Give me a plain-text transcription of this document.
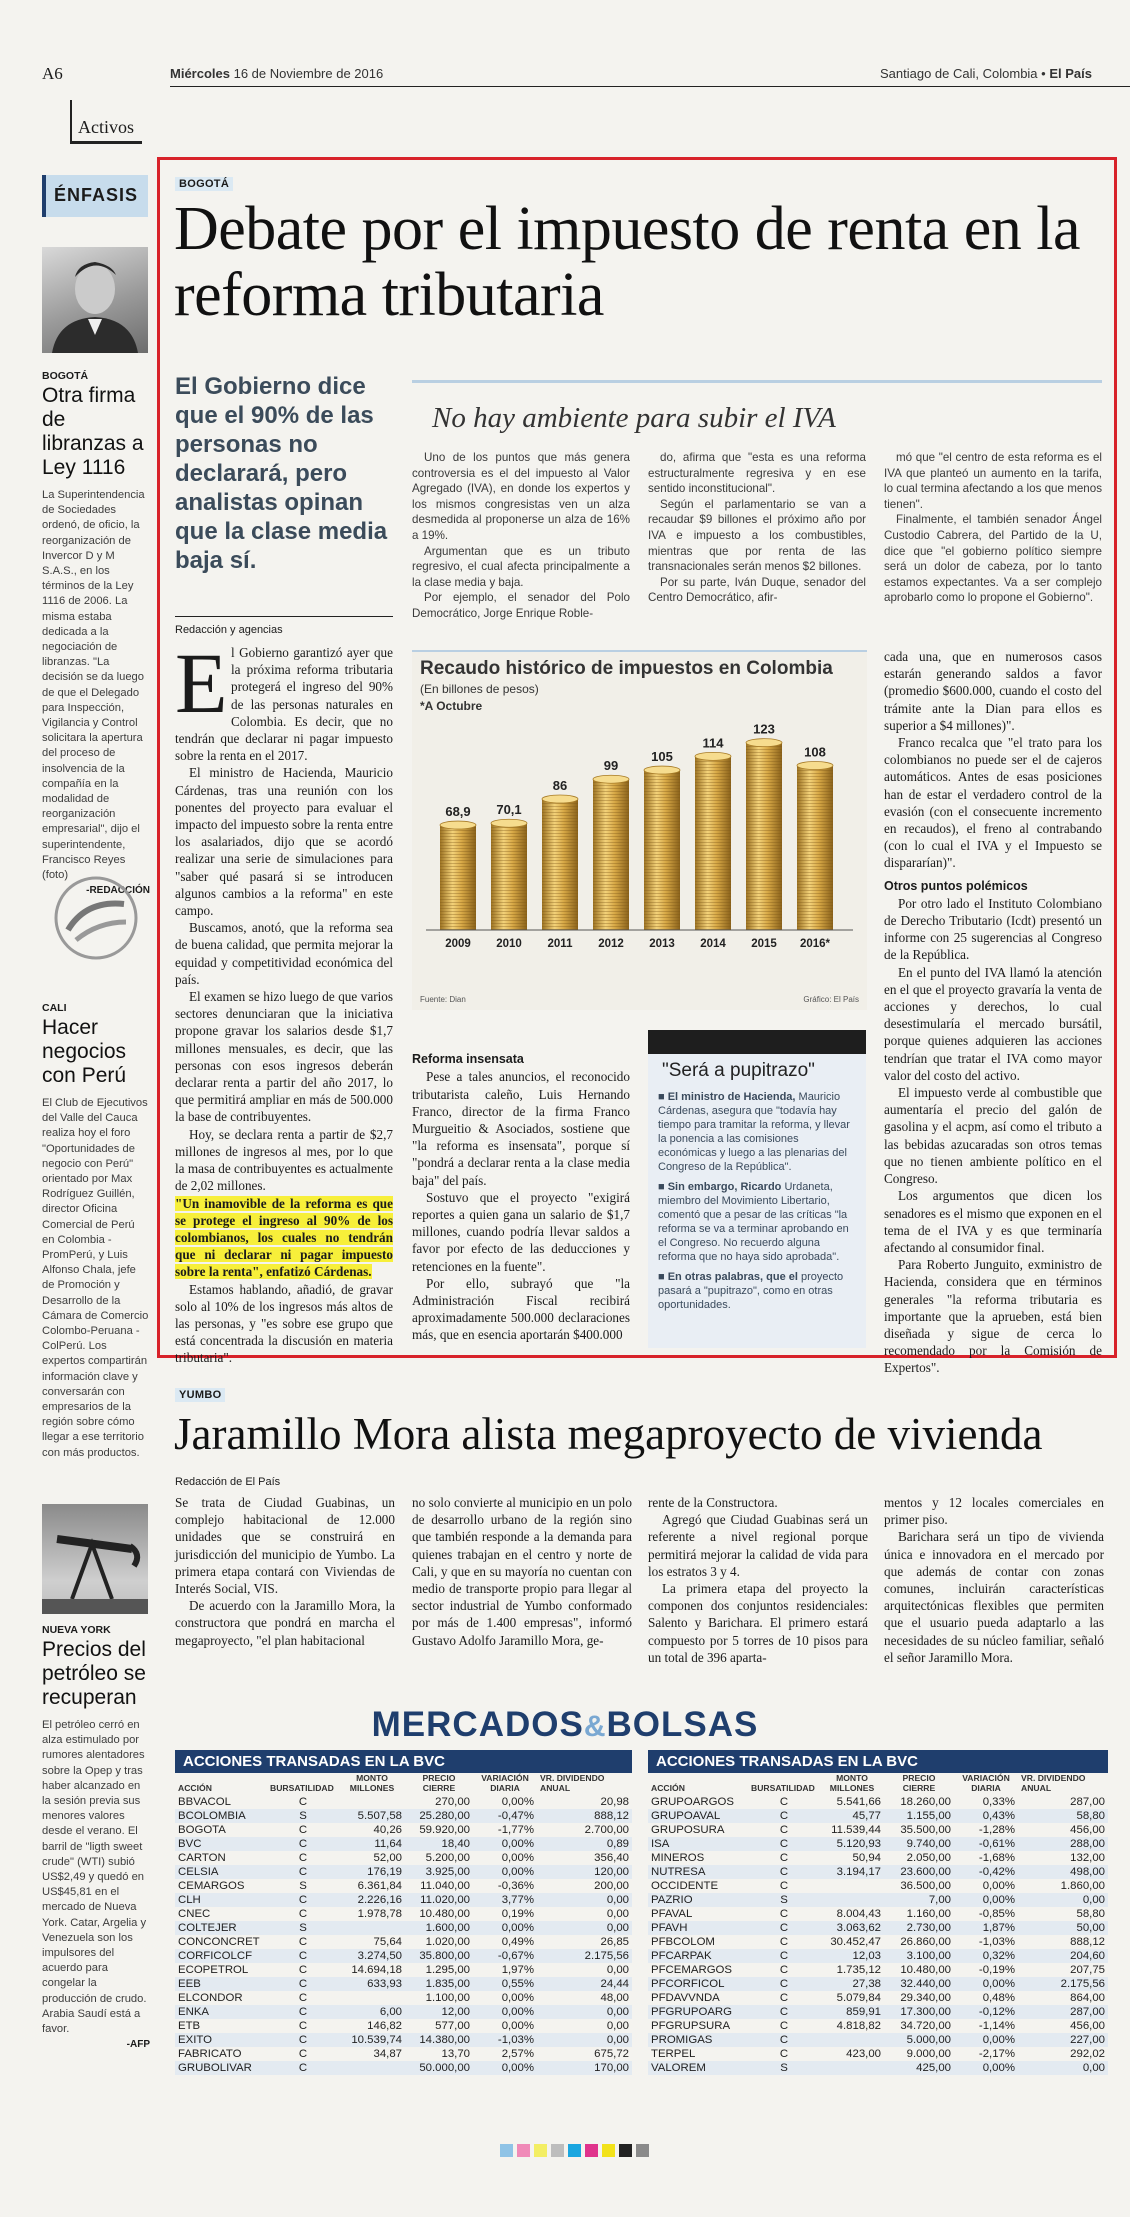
A6	Miércoles 16 de Noviembre de 2016	Santiago de Cali, Colombia • El País
Activos
ÉNFASIS
BOGOTÁ
Otra firma de libranzas a Ley 1116
La Superintendencia de Sociedades ordenó, de oficio, la reorganización de Invercor D y M S.A.S., en los términos de la Ley 1116 de 2006. La misma estaba dedicada a la negociación de libranzas. "La decisión se da luego de que el Delegado para Inspección, Vigilancia y Control solicitara la apertura del proceso de insolvencia de la compañía en la modalidad de reorganización empresarial", dijo el superintendente, Francisco Reyes (foto)
-REDACCIÓN
CALI
Hacer negocios con Perú
El Club de Ejecutivos del Valle del Cauca realiza hoy el foro "Oportunidades de negocio con Perú" orientado por Max Rodríguez Guillén, director Oficina Comercial de Perú en Colombia - PromPerú, y Luis Alfonso Chala, jefe de Promoción y Desarrollo de la Cámara de Comercio Colombo-Peruana - ColPerú. Los expertos compartirán información clave y conversarán con empresarios de la región sobre cómo llegar a ese territorio con más productos.
NUEVA YORK
Precios del petróleo se recuperan
El petróleo cerró en alza estimulado por rumores alentadores sobre la Opep y tras haber alcanzado en la sesión previa sus menores valores desde el verano. El barril de "ligth sweet crude" (WTI) subió US$2,49 y quedó en US$45,81 en el mercado de Nueva York. Catar, Argelia y Venezuela son los impulsores del acuerdo para congelar la producción de crudo. Arabia Saudí está a favor.
-AFP
BOGOTÁ
Debate por el impuesto de renta en la reforma tributaria
El Gobierno dice que el 90% de las personas no declarará, pero analistas opinan que la clase media baja sí.
Redacción y agencias
E l Gobierno garantizó ayer que la próxima reforma tributaria protegerá el ingreso del 90% de las personas naturales en Colombia. Es decir, que no tendrán que declarar ni pagar impuesto sobre la renta en el 2017.

El ministro de Hacienda, Mauricio Cárdenas, tras una reunión con los ponentes del proyecto para evaluar el impacto del impuesto sobre la renta entre los asalariados, dijo que se acordó realizar una serie de simulaciones para "saber qué pasará si se introducen algunos cambios a la reforma" en este campo.

Buscamos, anotó, que la reforma sea de buena calidad, que permita mejorar la equidad y competitividad económica del país.

El examen se hizo luego de que varios sectores denunciaran que la iniciativa propone gravar los salarios desde $1,7 millones mensuales, es decir, que las personas con esos ingresos deberán declarar renta a partir del año 2017, lo que permitirá ampliar en más de 500.000 la base de contribuyentes.

Hoy, se declara renta a partir de $2,7 millones de ingresos al mes, por lo que la masa de contribuyentes es actualmente de 2,02 millones.

"Un inamovible de la reforma es que se protege el ingreso al 90% de los colombianos, los cuales no tendrán que ni declarar ni pagar impuesto sobre la renta", enfatizó Cárdenas.

Estamos hablando, añadió, de gravar solo al 10% de los ingresos más altos de las personas, y "es sobre ese grupo que está concentrada la discusión en materia tributaria".

No hay ambiente para subir el IVA

Uno de los puntos que más genera controversia es el del impuesto al Valor Agregado (IVA), en donde los expertos y los mismos congresistas ven un alza desmedida al proponerse un alza de 16% a 19%.

Argumentan que es un tributo regresivo, el cual afecta principalmente a la clase media y baja.

Por ejemplo, el senador del Polo Democrático, Jorge Enrique Roble-

do, afirma que "esta es una reforma estructuralmente regresiva y en ese sentido inconstitucional".

Según el parlamentario se van a recaudar $9 billones el próximo año por IVA e impuesto a los combustibles, mientras que por renta de las transnacionales serán menos $2 billones.

Por su parte, Iván Duque, senador del Centro Democrático, afir-

mó que "el centro de esta reforma es el IVA que planteó un aumento en la tarifa, lo cual termina afectando a los que menos tienen".

Finalmente, el también senador Ángel Custodio Cabrera, del Partido de la U, dice que "el gobierno político siempre será un dolor de cabeza, por lo tanto estamos expectantes. Va a ser complejo aprobarlo como lo propone el Gobierno".

Recaudo histórico de impuestos en Colombia
(En billones de pesos)
*A Octubre
68,9
2009
70,1
2010
86
2011
99
2012
105
2013
114
2014
123
2015
108
2016*
Fuente: Dian	Gráfico: El País

Reforma insensata

Pese a tales anuncios, el reconocido tributarista caleño, Luis Hernando Franco, director de la firma Franco Murgueitio & Asociados, sostiene que "la reforma es insensata", porque sí "pondrá a declarar renta a la clase media baja" del país.

Sostuvo que el proyecto "exigirá reportes a quien gana un salario de $1,7 millones, cuando podría llevar saldos a favor por efecto de las deducciones y retenciones en la fuente".

Por ello, subrayó que "la Administración Fiscal recibirá aproximadamente 500.000 declaraciones más, que en esencia aportarán $400.000

"Será a pupitrazo"

■ El ministro de Hacienda, Mauricio Cárdenas, asegura que "todavía hay tiempo para tramitar la reforma, y llevar la ponencia a las comisiones económicas y luego a las plenarias del Congreso de la República".

■ Sin embargo, Ricardo Urdaneta, miembro del Movimiento Libertario, comentó que a pesar de las críticas "la reforma se va a terminar aprobando en el Congreso. No recuerdo alguna reforma que no haya sido aprobada".

■ En otras palabras, que el proyecto pasará a "pupitrazo", como en otras oportunidades.

cada una, que en numerosos casos estarán generando saldos a favor (promedio $600.000, cuando el costo del trámite ante la Dian para ellos es superior a $4 millones)".

Franco recalca que "el trato para los colombianos no puede ser el de cajeros automáticos. Antes de esas posiciones han de estar el verdadero control de la evasión (con el consecuente incremento en recaudos), el freno al contrabando (con lo cual el IVA y el Impuesto se dispararían)".

Otros puntos polémicos

Por otro lado el Instituto Colombiano de Derecho Tributario (Icdt) presentó un informe con 25 sugerencias al Congreso de la República.

En el punto del IVA llamó la atención en el que el proyecto gravaría la venta de acciones y derechos, lo cual desestimularía el mercado bursátil, porque quienes adquieren las acciones tendrían que tratar el IVA como mayor valor del costo del activo.

El impuesto verde al combustible que aumentaría el precio del galón de gasolina y el acpm, así como el tributo a las bebidas azucaradas son otros temas que no tienen ambiente político en el Congreso.

Los argumentos que dicen los senadores es el mismo que exponen en el tema de el IVA y es que terminaría afectando al consumidor final.

Para Roberto Junguito, exministro de Hacienda, considera que en términos generales "la reforma tributaria es importante que la aprueben, está bien diseñada y sigue de cerca lo recomendado por la Comisión de Expertos".

YUMBO
Jaramillo Mora alista megaproyecto de vivienda
Redacción de El País

Se trata de Ciudad Guabinas, un complejo habitacional de 12.000 unidades que se construirá en jurisdicción del municipio de Yumbo. La primera etapa contará con Viviendas de Interés Social, VIS.

De acuerdo con la Jaramillo Mora, la constructora que pondrá en marcha el megaproyecto, "el plan habitacional

no solo convierte al municipio en un polo de desarrollo urbano de la región sino que también responde a la demanda para quienes trabajan en el centro y norte de Cali, y que en su mayoría no cuentan con medio de transporte propio para llegar al sector industrial de Yumbo conformado por más de 1.400 empresas", informó Gustavo Adolfo Jaramillo Mora, ge-

rente de la Constructora.

Agregó que Ciudad Guabinas será un referente a nivel regional porque permitirá mejorar la calidad de vida para los estratos 3 y 4.

La primera etapa del proyecto la componen dos conjuntos residenciales: Salento y Barichara. El primero estará compuesto por 5 torres de 10 pisos para un total de 396 aparta-

mentos y 12 locales comerciales en primer piso.

Barichara será un tipo de vivienda única e innovadora en el mercado por que además de contar con zonas comunes, incluirán características arquitectónicas flexibles que permiten que el usuario pueda adaptarlo a las necesidades de su núcleo familiar, señaló el señor Jaramillo Mora.

MERCADOS&BOLSAS
ACCIONES TRANSADAS EN LA BVC
ACCIÓN	BURSATILIDAD	MONTO MILLONES	PRECIO CIERRE	VARIACIÓN DIARIA	VR. DIVIDENDO ANUAL
BBVACOL	C		270,00	0,00%	20,98
BCOLOMBIA	S	5.507,58	25.280,00	-0,47%	888,12
BOGOTA	C	40,26	59.920,00	-1,77%	2.700,00
BVC	C	11,64	18,40	0,00%	0,89
CARTON	C	52,00	5.200,00	0,00%	356,40
CELSIA	C	176,19	3.925,00	0,00%	120,00
CEMARGOS	S	6.361,84	11.040,00	-0,36%	200,00
CLH	C	2.226,16	11.020,00	3,77%	0,00
CNEC	C	1.978,78	10.480,00	0,19%	0,00
COLTEJER	S		1.600,00	0,00%	0,00
CONCONCRET	C	75,64	1.020,00	0,49%	26,85
CORFICOLCF	C	3.274,50	35.800,00	-0,67%	2.175,56
ECOPETROL	C	14.694,18	1.295,00	1,97%	0,00
EEB	C	633,93	1.835,00	0,55%	24,44
ELCONDOR	C		1.100,00	0,00%	48,00
ENKA	C	6,00	12,00	0,00%	0,00
ETB	C	146,82	577,00	0,00%	0,00
EXITO	C	10.539,74	14.380,00	-1,03%	0,00
FABRICATO	C	34,87	13,70	2,57%	675,72
GRUBOLIVAR	C		50.000,00	0,00%	170,00
ACCIONES TRANSADAS EN LA BVC
ACCIÓN	BURSATILIDAD	MONTO MILLONES	PRECIO CIERRE	VARIACIÓN DIARIA	VR. DIVIDENDO ANUAL
GRUPOARGOS	C	5.541,66	18.260,00	0,33%	287,00
GRUPOAVAL	C	45,77	1.155,00	0,43%	58,80
GRUPOSURA	C	11.539,44	35.500,00	-1,28%	456,00
ISA	C	5.120,93	9.740,00	-0,61%	288,00
MINEROS	C	50,94	2.050,00	-1,68%	132,00
NUTRESA	C	3.194,17	23.600,00	-0,42%	498,00
OCCIDENTE	C		36.500,00	0,00%	1.860,00
PAZRIO	S		7,00	0,00%	0,00
PFAVAL	C	8.004,43	1.160,00	-0,85%	58,80
PFAVH	C	3.063,62	2.730,00	1,87%	50,00
PFBCOLOM	C	30.452,47	26.860,00	-1,03%	888,12
PFCARPAK	C	12,03	3.100,00	0,32%	204,60
PFCEMARGOS	C	1.735,12	10.480,00	-0,19%	207,75
PFCORFICOL	C	27,38	32.440,00	0,00%	2.175,56
PFDAVVNDA	C	5.079,84	29.340,00	0,48%	864,00
PFGRUPOARG	C	859,91	17.300,00	-0,12%	287,00
PFGRUPSURA	C	4.818,82	34.720,00	-1,14%	456,00
PROMIGAS	C		5.000,00	0,00%	227,00
TERPEL	C	423,00	9.000,00	-2,17%	292,02
VALOREM	S		425,00	0,00%	0,00
